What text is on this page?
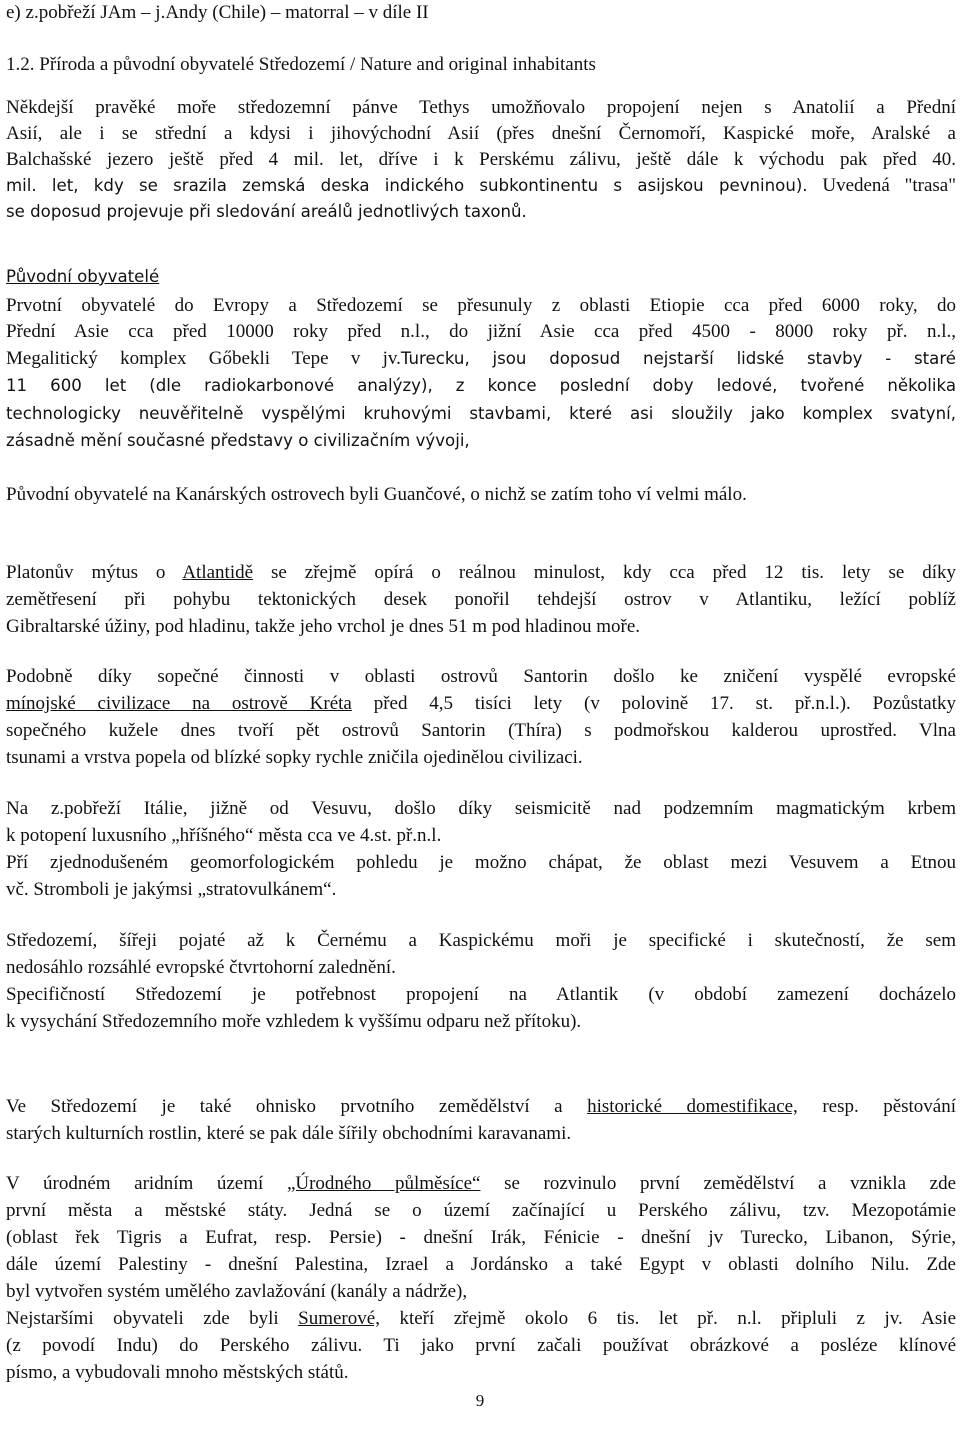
e) z.pobřeží JAm – j.Andy (Chile) – matorral – v díle II
1.2. Příroda a původní obyvatelé Středozemí / Nature and original inhabitants
Někdejší pravěké moře středozemní pánve Tethys umožňovalo propojení nejen s Anatolií a Přední
Asií, ale i se střední a kdysi i jihovýchodní Asií (přes dnešní Černomoří, Kaspické moře, Aralské a
Balchašské jezero ještě před 4 mil. let, dříve i k Perskému zálivu, ještě dále k východu pak před 40.
mil. let, kdy se srazila zemská deska indického subkontinentu s asijskou pevninou). Uvedená "trasa"
se doposud projevuje při sledování areálů jednotlivých taxonů.
Původní obyvatelé
Prvotní obyvatelé do Evropy a Středozemí se přesunuly z oblasti Etiopie cca před 6000 roky, do
Přední Asie cca před 10000 roky před n.l., do jižní Asie cca před 4500 - 8000 roky př. n.l.,
Megalitický komplex Gőbekli Tepe v jv.Turecku, jsou doposud nejstarší lidské stavby - staré
11 600 let (dle radiokarbonové analýzy), z konce poslední doby ledové, tvořené několika
technologicky neuvěřitelně vyspělými kruhovými stavbami, které asi sloužily jako komplex svatyní,
zásadně mění současné představy o civilizačním vývoji,
Původní obyvatelé na Kanárských ostrovech byli Guančové, o nichž se zatím toho ví velmi málo.
Platonův mýtus o Atlantidě se zřejmě opírá o reálnou minulost, kdy cca před 12 tis. lety se díky
zemětřesení při pohybu tektonických desek ponořil tehdejší ostrov v Atlantiku, ležící poblíž
Gibraltarské úžiny, pod hladinu, takže jeho vrchol je dnes 51 m pod hladinou moře.
Podobně díky sopečné činnosti v oblasti ostrovů Santorin došlo ke zničení vyspělé evropské
mínojské civilizace na ostrově Kréta před 4,5 tisíci lety (v polovině 17. st. př.n.l.). Pozůstatky
sopečného kužele dnes tvoří pět ostrovů Santorin (Thíra) s podmořskou kalderou uprostřed. Vlna
tsunami a vrstva popela od blízké sopky rychle zničila ojedinělou civilizaci.
Na z.pobřeží Itálie, jižně od Vesuvu, došlo díky seismicitě nad podzemním magmatickým krbem
k potopení luxusního „hříšného“ města cca ve 4.st. př.n.l.
Pří zjednodušeném geomorfologickém pohledu je možno chápat, že oblast mezi Vesuvem a Etnou
vč. Stromboli je jakýmsi „stratovulkánem“.
Středozemí, šířeji pojaté až k Černému a Kaspickému moři je specifické i skutečností, že sem
nedosáhlo rozsáhlé evropské čtvrtohorní zalednění.
Specifičností Středozemí je potřebnost propojení na Atlantik (v období zamezení docházelo
k vysychání Středozemního moře vzhledem k vyššímu odparu než přítoku).
Ve Středozemí je také ohnisko prvotního zemědělství a historické domestifikace, resp. pěstování
starých kulturních rostlin, které se pak dále šířily obchodními karavanami.
V úrodném aridním území „Úrodného půlměsíce“ se rozvinulo první zemědělství a vznikla zde
první města a městské státy. Jedná se o území začínající u Perského zálivu, tzv. Mezopotámie
(oblast řek Tigris a Eufrat, resp. Persie) - dnešní Irák, Fénicie - dnešní jv Turecko, Libanon, Sýrie,
dále území Palestiny - dnešní Palestina, Izrael a Jordánsko a také Egypt v oblasti dolního Nilu. Zde
byl vytvořen systém umělého zavlažování (kanály a nádrže),
Nejstaršími obyvateli zde byli Sumerové, kteří zřejmě okolo 6 tis. let př. n.l. připluli z jv. Asie
(z povodí Indu) do Perského zálivu. Ti jako první začali používat obrázkové a posléze klínové
písmo, a vybudovali mnoho městských států.
9
